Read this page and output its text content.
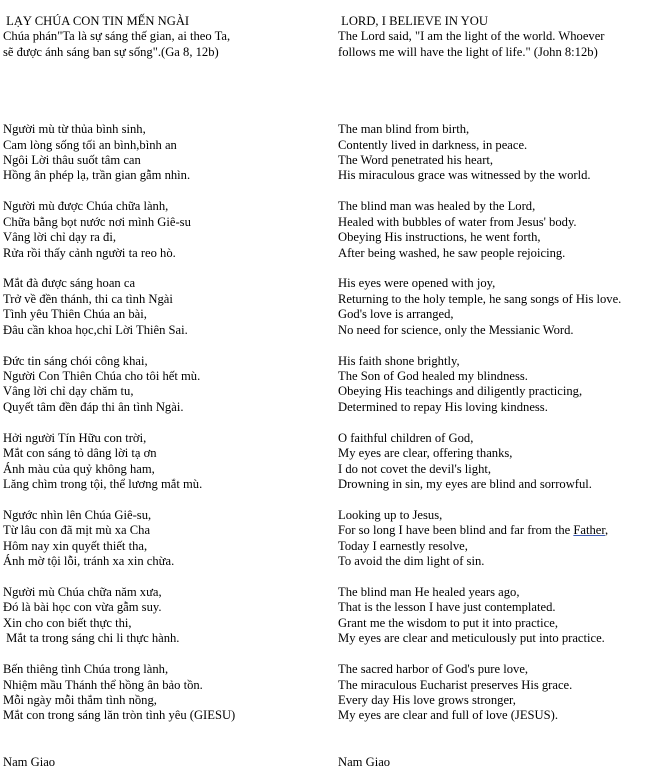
LẠY CHÚA CON TIN MẾN NGÀI
Chúa phán"Ta là sự sáng thế gian, ai theo Ta,
sẽ được ánh sáng ban sự sống".(Ga 8, 12b)
Người mù từ thủa bình sinh,
Cam lòng sống tối an bình,bình an
Ngôi Lời thâu suốt tâm can
Hồng ân phép lạ, trần gian gẫm nhìn.
Người mù được Chúa chữa lành,
Chữa bằng bọt nước nơi mình Giê-su
Vâng lời chỉ dạy ra đi,
Rửa rồi thấy cảnh người ta reo hò.
Mắt đà được sáng hoan ca
Trở về đền thánh, thi ca tình Ngài
Tình yêu Thiên Chúa an bài,
Đâu cần khoa học,chỉ Lời Thiên Sai.
Đức tin sáng chói công khai,
Người Con Thiên Chúa cho tôi hết mù.
Vâng lời chỉ dạy chăm tu,
Quyết tâm đền đáp thi ân tình Ngài.
Hởi người Tín Hữu con trời,
Mắt con sáng tỏ dâng lời tạ ơn
Ánh màu của quỷ không ham,
Lăng chìm trong tội, thể lương mắt mù.
Ngước nhìn lên Chúa Giê-su,
Từ lâu con đã mịt mù xa Cha
Hôm nay xin quyết thiết tha,
Ánh mờ tội lỗi, tránh xa xin chừa.
Người mù Chúa chữa năm xưa,
Đó là bài học con vừa gẫm suy.
Xin cho con biết thực thi,
Mắt ta trong sáng chi li thực hành.
Bến thiêng tình Chúa trong lành,
Nhiệm mầu Thánh thể hồng ân bảo tồn.
Mỗi ngày mỗi thắm tình nồng,
Mắt con trong sáng lăn tròn tình yêu (GIESU)
Nam Giao
LORD, I BELIEVE IN YOU
The Lord said, "I am the light of the world. Whoever
follows me will have the light of life." (John 8:12b)
The man blind from birth,
Contently lived in darkness, in peace.
The Word penetrated his heart,
His miraculous grace was witnessed by the world.
The blind man was healed by the Lord,
Healed with bubbles of water from Jesus' body.
Obeying His instructions, he went forth,
After being washed, he saw people rejoicing.
His eyes were opened with joy,
Returning to the holy temple, he sang songs of His love.
God's love is arranged,
No need for science, only the Messianic Word.
His faith shone brightly,
The Son of God healed my blindness.
Obeying His teachings and diligently practicing,
Determined to repay His loving kindness.
O faithful children of God,
My eyes are clear, offering thanks,
I do not covet the devil's light,
Drowning in sin, my eyes are blind and sorrowful.
Looking up to Jesus,
For so long I have been blind and far from the Father,
Today I earnestly resolve,
To avoid the dim light of sin.
The blind man He healed years ago,
That is the lesson I have just contemplated.
Grant me the wisdom to put it into practice,
My eyes are clear and meticulously put into practice.
The sacred harbor of God's pure love,
The miraculous Eucharist preserves His grace.
Every day His love grows stronger,
My eyes are clear and full of love (JESUS).
Nam Giao
